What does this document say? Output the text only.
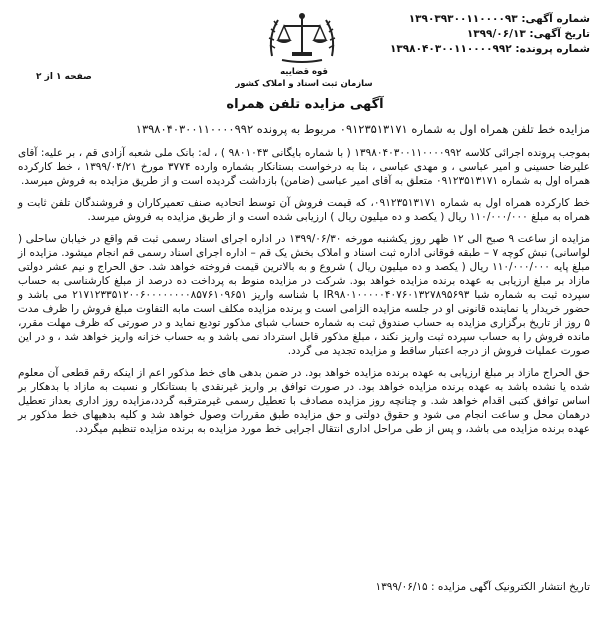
شماره آگهی: ۱۳۹۰۳۹۳۰۰۱۱۰۰۰۰۹۳
تاریخ آگهی: ۱۳۹۹/۰۶/۱۳
شماره پرونده: ۱۳۹۸۰۴۰۳۰۰۱۱۰۰۰۰۹۹۲
قوه قضاییه
سازمان ثبت اسناد و املاک کشور
صفحه ۱ از ۲
آگهی مزایده تلفن همراه
مزایده خط تلفن همراه اول به شماره ۰۹۱۲۳۵۱۳۱۷۱ مربوط به پرونده ۱۳۹۸۰۴۰۳۰۰۱۱۰۰۰۰۹۹۲

بموجب پرونده اجرائی کلاسه ۱۳۹۸۰۴۰۳۰۰۱۱۰۰۰۰۹۹۲ ( با شماره بایگانی ۹۸۰۱۰۴۳ ) ، له: بانک ملی شعبه آزادی قم ، بر علیه: آقای علیرضا حسینی و امیر عباسی ، و مهدی عباسی ، بنا به درخواست بستانکار بشماره وارده ۳۷۷۴ مورخ ۱۳۹۹/۰۴/۲۱ ، خط کارکرده همراه اول به شماره ۰۹۱۲۳۵۱۳۱۷۱ متعلق به آقای امیر عباسی (ضامن) بازداشت گردیده است و از طریق مزایده به فروش میرسد.

خط کارکرده همراه اول به شماره ۰۹۱۲۳۵۱۳۱۷۱، که قیمت فروش آن توسط اتحادیه صنف تعمیرکاران و فروشندگان تلفن ثابت و همراه به مبلغ ۱۱۰/۰۰۰/۰۰۰ ریال ( یکصد و ده میلیون ریال ) ارزیابی شده است و از طریق مزایده به فروش میرسد.

مزایده از ساعت ۹ صبح الی ۱۲ ظهر روز یکشنبه مورخه ۱۳۹۹/۰۶/۳۰ در اداره اجرای اسناد رسمی ثبت قم واقع در خیابان ساحلی ( لواسانی) نبش کوچه ۷ – طبقه فوقانی اداره ثبت اسناد و املاک بخش یک قم – اداره اجرای اسناد رسمی قم انجام میشود. مزایده از مبلغ پایه ۱۱۰/۰۰۰/۰۰۰ ریال ( یکصد و ده میلیون ریال ) شروع و به بالاترین قیمت فروخته خواهد شد. حق الحراج و نیم عشر دولتی مازاد بر مبلغ ارزیابی به عهده برنده مزایده خواهد بود. شرکت در مزایده منوط به پرداخت ده درصد از مبلغ کارشناسی به حساب سپرده ثبت به شماره شبا IR۹۸۰۱۰۰۰۰۰۴۰۷۶۰۱۳۲۷۸۹۵۶۹۳ با شناسه واریز ۲۱۷۱۲۳۳۵۱۲۰۰۶۰۰۰۰۰۰۰۰۸۵۷۶۱۰۹۶۵۱ می باشد و حضور خریدار یا نماینده قانونی او در جلسه مزایده الزامی است و برنده مزایده مکلف است مابه التفاوت مبلغ فروش را ظرف مدت ۵ روز از تاریخ برگزاری مزایده به حساب صندوق ثبت به شماره حساب شبای مذکور تودیع نماید و در صورتی که ظرف مهلت مقرر، مانده فروش را به حساب سپرده ثبت واریز نکند ، مبلغ مذکور قابل استرداد نمی باشد و به حساب خزانه واریز خواهد شد ، و در این صورت عملیات فروش از درجه اعتبار ساقط و مزایده تجدید می گردد.

حق الحراج مازاد بر مبلغ ارزیابی به عهده برنده مزایده خواهد بود. در ضمن بدهی های خط مذکور اعم از اینکه رقم قطعی آن معلوم شده یا نشده باشد به عهده برنده مزایده خواهد بود. در صورت توافق بر واریز غیرنقدی با بستانکار و نسبت به مازاد با بدهکار بر اساس توافق کتبی اقدام خواهد شد. و چنانچه روز مزایده مصادف با تعطیل رسمی غیرمترقبه گردد،مزایده روز اداری بعداز تعطیل درهمان محل و ساعت انجام می شود و حقوق دولتی و حق مزایده طبق مقررات وصول خواهد شد و کلیه بدهیهای خط مذکور بر عهده برنده مزایده می باشد، و پس از طی مراحل اداری انتقال اجرایی خط مورد مزایده به برنده مزایده تنظیم میگردد.

تاریخ انتشار الکترونیک آگهی مزایده : ۱۳۹۹/۰۶/۱۵
